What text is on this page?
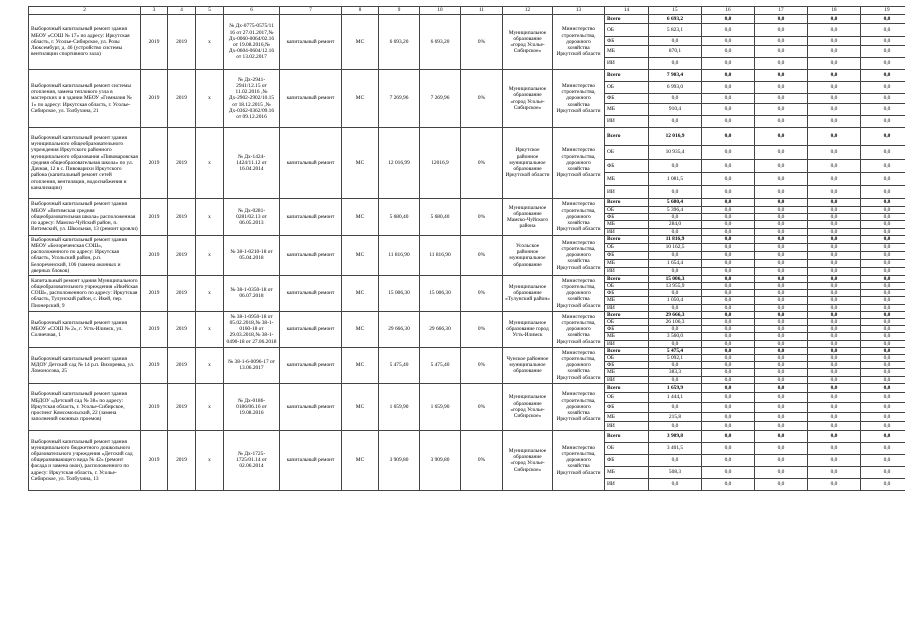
2	3	4	5	6	7	8	9	10	11	12	13	14	15	16	17	18	19	
Выборочный капитальный ремонт здания МБОУ «СОШ № 17» по адресу: Иркутская область, г. Усолье-Сибирское, ул. Розы Люксембург, д. 46 (устройство системы вентиляции спортивного зала)	2019	2019	x	№ Дх-0775-0575/11 16 от 27.01.2017,№ Дх-0060-0064/02.16 от 19.08.2016,№ Дх-0604-0604/12.16 от 13.02.2017	капитальный ремонт	МС	6 693,20	6 693,20	0%	Муниципальное образование «город Усолье-Сибирское»	Министерство строительства, дорожного хозяйства Иркутской области	Всего	6 693,2	0,0	0,0	0,0	0,0	
												ОБ	5 823,1	0,0	0,0	0,0	0,0	
												ФБ	0,0	0,0	0,0	0,0	0,0	
												МБ	870,1	0,0	0,0	0,0	0,0	
												ИИ	0,0	0,0	0,0	0,0	0,0	
Выборочный капитальный ремонт системы отопления, замена теплового узла в мастерских и в здании МБОУ «Гимназия № 1» по адресу: Иркутская область, г. Усолье-Сибирское, ул. Толбухина, 21	2019	2019	x	№ Дх-2941-2941/12.15 от 11.02.2016 ,№ Дх-2902-2902/10.15 от 18.12.2015 ,№ Дх-0362-0362/09.16 от 09.12.2016	капитальный ремонт	МС	7 269,96	7 269,96	0%	Муниципальное образование «город Усолье-Сибирское»	Министерство строительства, дорожного хозяйства Иркутской области	Всего	7 903,4	0,0	0,0	0,0	0,0	
												ОБ	6 993,0	0,0	0,0	0,0	0,0	
												ФБ	0,0	0,0	0,0	0,0	0,0	
												МБ	910,4	0,0	0,0	0,0	0,0	
												ИИ	0,0	0,0	0,0	0,0	0,0	
Выборочный капитальный ремонт здания муниципального общеобразовательного учреждения Иркутского районного муниципального образования «Пивоваровская средняя общеобразовательная школа» по ул. Дачная, 12 в с. Пивоварихи Иркутского района (капитальный ремонт сетей отопления, вентиляции, водоснабжения и канализации)	2019	2019	x	№ Дх-1424-1424/11.12 от 16.04.2014	капитальный ремонт	МС	12 016,99	12016,9	0%	Иркутское районное муниципальное образование Иркутской области	Министерство строительства, дорожного хозяйства Иркутской области	Всего	12 016,9	0,0	0,0	0,0	0,0	
												ОБ	10 935,4	0,0	0,0	0,0	0,0	
												ФБ	0,0	0,0	0,0	0,0	0,0	
												МБ	1 081,5	0,0	0,0	0,0	0,0	
												ИИ	0,0	0,0	0,0	0,0	0,0	
Выборочный капитальный ремонт здания МБОУ «Витимская средняя общеобразовательная школа» расположенная по адресу: Мамско-Чуйский район, п. Витимский, ул. Школьная, 13 (ремонт кровли)	2019	2019	x	№ Дх-0281-0281/02.13 от 06.05.2013	капитальный ремонт	МС	5 680,40	5 680,40	0%	Муниципальное образование Мамско-Чуйского района	Министерство строительства, дорожного хозяйства Иркутской области	Всего	5 680,4	0,0	0,0	0,0	0,0	
												ОБ	5 396,4	0,0	0,0	0,0	0,0	
												ФБ	0,0	0,0	0,0	0,0	0,0	
												МБ	284,0	0,0	0,0	0,0	0,0	
												ИИ	0,0	0,0	0,0	0,0	0,0	
Выборочный капитальный ремонт здания МБОУ «Белореченская СОШ», расположенного по адресу: Иркутская область, Усольский район, р.п. Белореченский, 106 (замена оконных и дверных блоков)	2019	2019	x	№ 38-1-0210-18 от 05.04.2018	капитальный ремонт	МС	11 816,90	11 816,90	0%	Усольское районное муниципальное образование	Министерство строительства, дорожного хозяйства Иркутской области	Всего	11 816,9	0,0	0,0	0,0	0,0	
												ОБ	10 162,5	0,0	0,0	0,0	0,0	
												ФБ	0,0	0,0	0,0	0,0	0,0	
												МБ	1 654,4	0,0	0,0	0,0	0,0	
												ИИ	0,0	0,0	0,0	0,0	0,0	
Капитальный ремонт здания Муниципального общеобразовательного учреждения «Икейская СОШ», расположенного по адресу: Иркутская область, Тулунский район, с. Икей, пер. Пионерский, 9	2019	2019	x	№ 38-1-0350-18 от 06.07.2018	капитальный ремонт	МС	15 006,30	15 006,30	0%	Муниципальное образование «Тулунский район»	Министерство строительства, дорожного хозяйства Иркутской области	Всего	15 006,3	0,0	0,0	0,0	0,0	
												ОБ	13 955,9	0,0	0,0	0,0	0,0	
												ФБ	0,0	0,0	0,0	0,0	0,0	
												МБ	1 050,4	0,0	0,0	0,0	0,0	
												ИИ	0,0	0,0	0,0	0,0	0,0	
Выборочный капитальный ремонт здания МБОУ «СОШ № 2», г. Усть-Илимск, ул. Солнечная, 1	2019	2019	x	№ 38-1-0950-18 от 05.02.2018,№ 38-1-0160-18 от 29.03.2018,№ 38-1-0490-18 от 27.06.2018	капитальный ремонт	МС	29 666,30	29 666,30	0%	Муниципальное образование город Усть-Илимск	Министерство строительства, дорожного хозяйства Иркутской области	Всего	29 666,3	0,0	0,0	0,0	0,0	
												ОБ	26 106,3	0,0	0,0	0,0	0,0	
												ФБ	0,0	0,0	0,0	0,0	0,0	
												МБ	3 560,0	0,0	0,0	0,0	0,0	
												ИИ	0,0	0,0	0,0	0,0	0,0	
Выборочный капитальный ремонт здания МДОУ Детский сад № 14 р.п. Вихоревка, ул. Ломоносова, 25	2019	2019	x	№ 38-1-6-0096-17 от 13.06.2017	капитальный ремонт	МС	5 475,40	5 475,40	0%	Чунское районное муниципальное образование	Министерство строительства, дорожного хозяйства Иркутской области	Всего	5 475,4	0,0	0,0	0,0	0,0	
												ОБ	5 092,1	0,0	0,0	0,0	0,0	
												ФБ	0,0	0,0	0,0	0,0	0,0	
												МБ	383,3	0,0	0,0	0,0	0,0	
												ИИ	0,0	0,0	0,0	0,0	0,0	
Выборочный капитальный ремонт здания МБДОУ «Детский сад № 38» по адресу: Иркутская область, г. Усолье-Сибирское, проспект Комсомольский, 22 (замена заполнений оконных проемов)	2019	2019	x	№ Дх-0186-0186/06.16 от 19.08.2016	капитальный ремонт	МС	1 659,90	1 659,90	0%	Муниципальное образование «город Усолье-Сибирское»	Министерство строительства, дорожного хозяйства Иркутской области	Всего	1 659,9	0,0	0,0	0,0	0,0	
												ОБ	1 444,1	0,0	0,0	0,0	0,0	
												ФБ	0,0	0,0	0,0	0,0	0,0	
												МБ	215,8	0,0	0,0	0,0	0,0	
												ИИ	0,0	0,0	0,0	0,0	0,0	
Выборочный капитальный ремонт здания муниципального бюджетного дошкольного образовательного учреждения «Детский сад общеразвивающего вида № 42» (ремонт фасада и замена окон), расположенного по адресу: Иркутская область, г. Усолье-Сибирское, ул. Толбухина, 13	2019	2019	x	№ Дх-1725-1725/01.14 от 02.06.2014	капитальный ремонт	МС	3 909,80	3 909,80	0%	Муниципальное образование «город Усолье-Сибирское»	Министерство строительства, дорожного хозяйства Иркутской области	Всего	3 909,8	0,0	0,0	0,0	0,0	
												ОБ	3 401,5	0,0	0,0	0,0	0,0	
												ФБ	0,0	0,0	0,0	0,0	0,0	
												МБ	508,3	0,0	0,0	0,0	0,0	
												ИИ	0,0	0,0	0,0	0,0	0,0	
